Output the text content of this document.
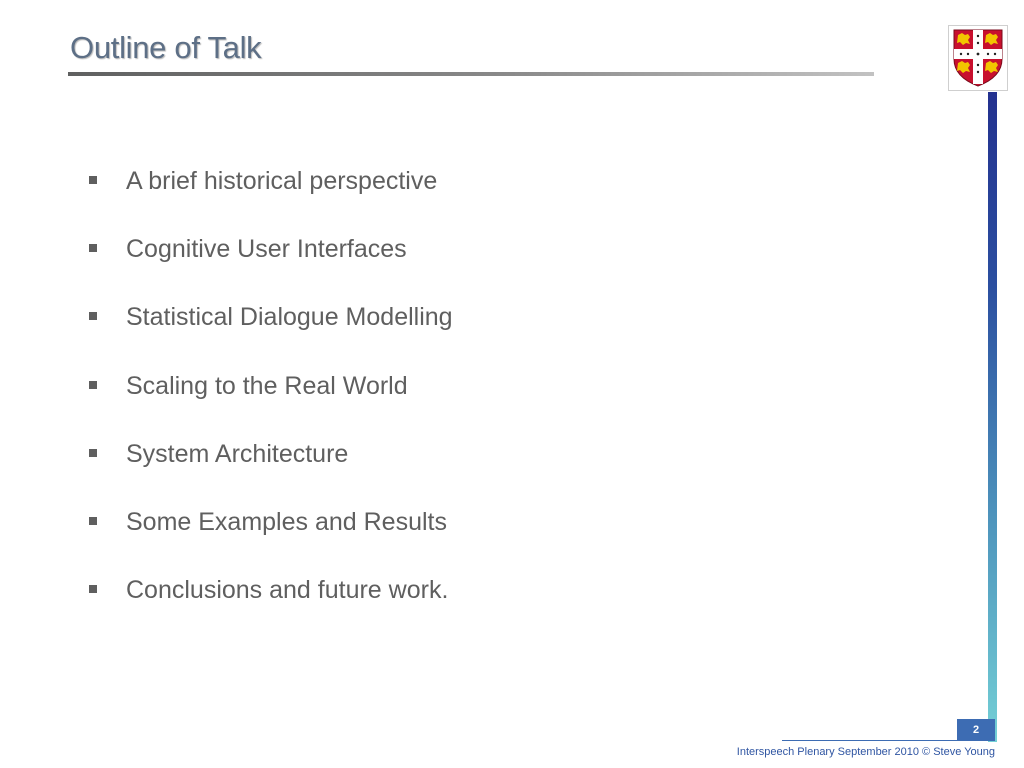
Outline of Talk
A brief historical perspective
Cognitive User Interfaces
Statistical Dialogue Modelling
Scaling to the Real World
System Architecture
Some Examples and Results
Conclusions and future work.
2
Interspeech Plenary September 2010 © Steve Young
